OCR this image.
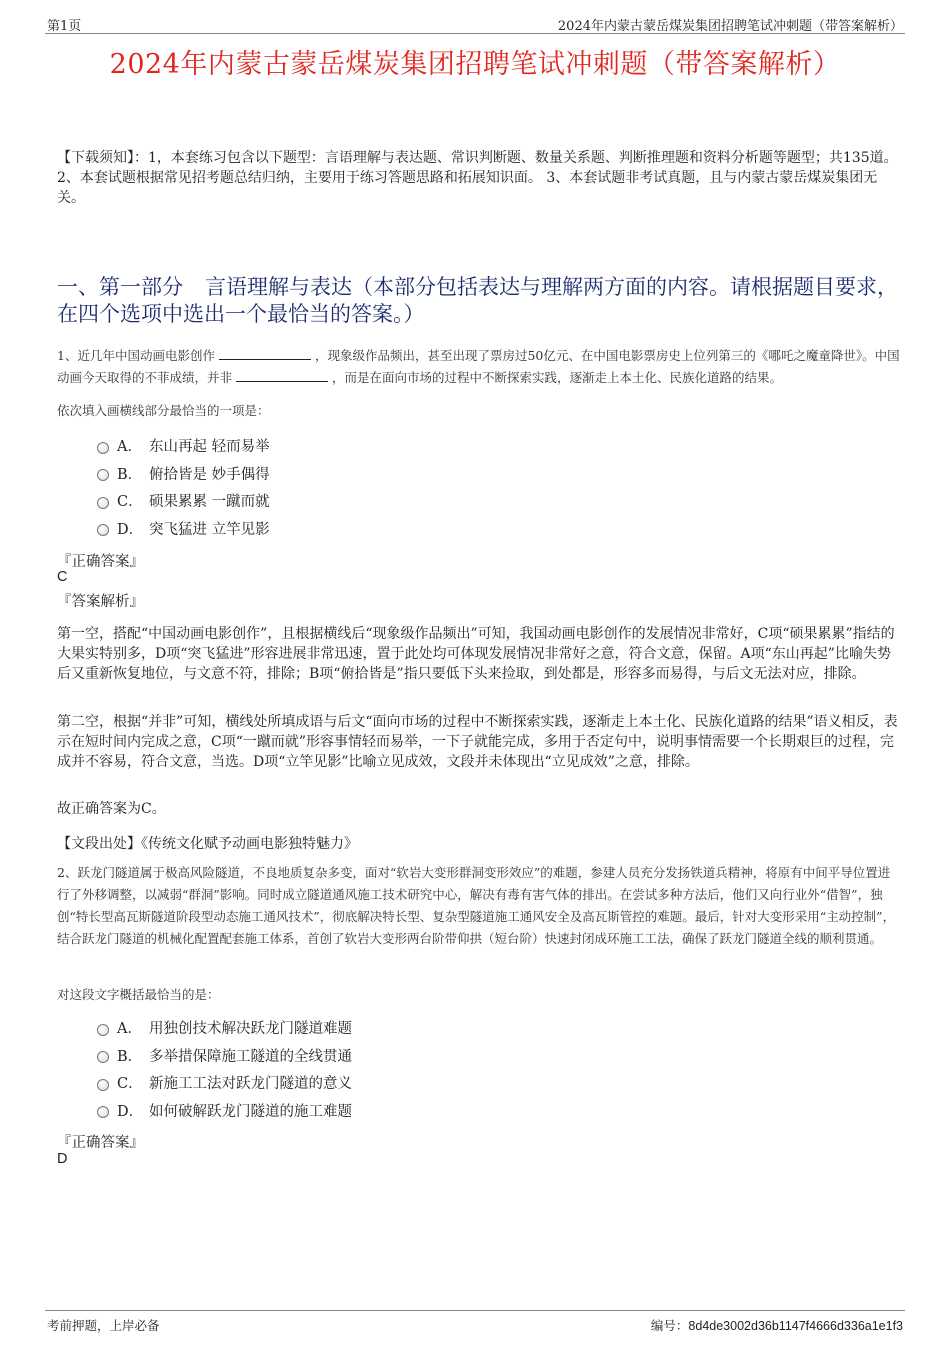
第1页	2024年内蒙古蒙岳煤炭集团招聘笔试冲刺题（带答案解析）
2024年内蒙古蒙岳煤炭集团招聘笔试冲刺题（带答案解析）
【下载须知】：1，本套练习包含以下题型：言语理解与表达题、常识判断题、数量关系题、判断推理题和资料分析题等题型；共135道。 2、本套试题根据常见招考题总结归纳，主要用于练习答题思路和拓展知识面。 3、本套试题非考试真题，且与内蒙古蒙岳煤炭集团无关。
一、第一部分 言语理解与表达（本部分包括表达与理解两方面的内容。请根据题目要求，在四个选项中选出一个最恰当的答案。）
1、近几年中国动画电影创作	，现象级作品频出，甚至出现了票房过50亿元、在中国电影票房史上位列第三的《哪吒之魔童降世》。中国动画今天取得的不菲成绩，并非	，而是在面向市场的过程中不断探索实践，逐渐走上本土化、民族化道路的结果。
依次填入画横线部分最恰当的一项是：
A． 东山再起 轻而易举
B． 俯拾皆是 妙手偶得
C． 硕果累累 一蹴而就
D． 突飞猛进 立竿见影
『正确答案』
C
『答案解析』
第一空，搭配“中国动画电影创作”，且根据横线后“现象级作品频出”可知，我国动画电影创作的发展情况非常好，C项“硕果累累”指结的大果实特别多，D项“突飞猛进”形容进展非常迅速，置于此处均可体现发展情况非常好之意，符合文意，保留。A项“东山再起”比喻失势后又重新恢复地位，与文意不符，排除；B项“俯拾皆是”指只要低下头来捡取，到处都是，形容多而易得，与后文无法对应，排除。
第二空，根据“并非”可知，横线处所填成语与后文“面向市场的过程中不断探索实践，逐渐走上本土化、民族化道路的结果”语义相反，表示在短时间内完成之意，C项“一蹴而就”形容事情轻而易举，一下子就能完成，多用于否定句中，说明事情需要一个长期艰巨的过程，完成并不容易，符合文意，当选。D项“立竿见影”比喻立见成效，文段并未体现出“立见成效”之意，排除。
故正确答案为C。
【文段出处】《传统文化赋予动画电影独特魅力》
2、跃龙门隧道属于极高风险隧道，不良地质复杂多变，面对“软岩大变形群洞变形效应”的难题，参建人员充分发扬铁道兵精神，将原有中间平导位置进行了外移调整，以减弱“群洞”影响。同时成立隧道通风施工技术研究中心，解决有毒有害气体的排出。在尝试多种方法后，他们又向行业外“借智”，独创“特长型高瓦斯隧道阶段型动态施工通风技术”，彻底解决特长型、复杂型隧道施工通风安全及高瓦斯管控的难题。最后，针对大变形采用“主动控制”，结合跃龙门隧道的机械化配置配套施工体系，首创了软岩大变形两台阶带仰拱（短台阶）快速封闭成环施工工法，确保了跃龙门隧道全线的顺利贯通。
对这段文字概括最恰当的是：
A． 用独创技术解决跃龙门隧道难题
B． 多举措保障施工隧道的全线贯通
C． 新施工工法对跃龙门隧道的意义
D． 如何破解跃龙门隧道的施工难题
『正确答案』
D
考前押题，上岸必备	编号：8d4de3002d36b1147f4666d336a1e1f3
